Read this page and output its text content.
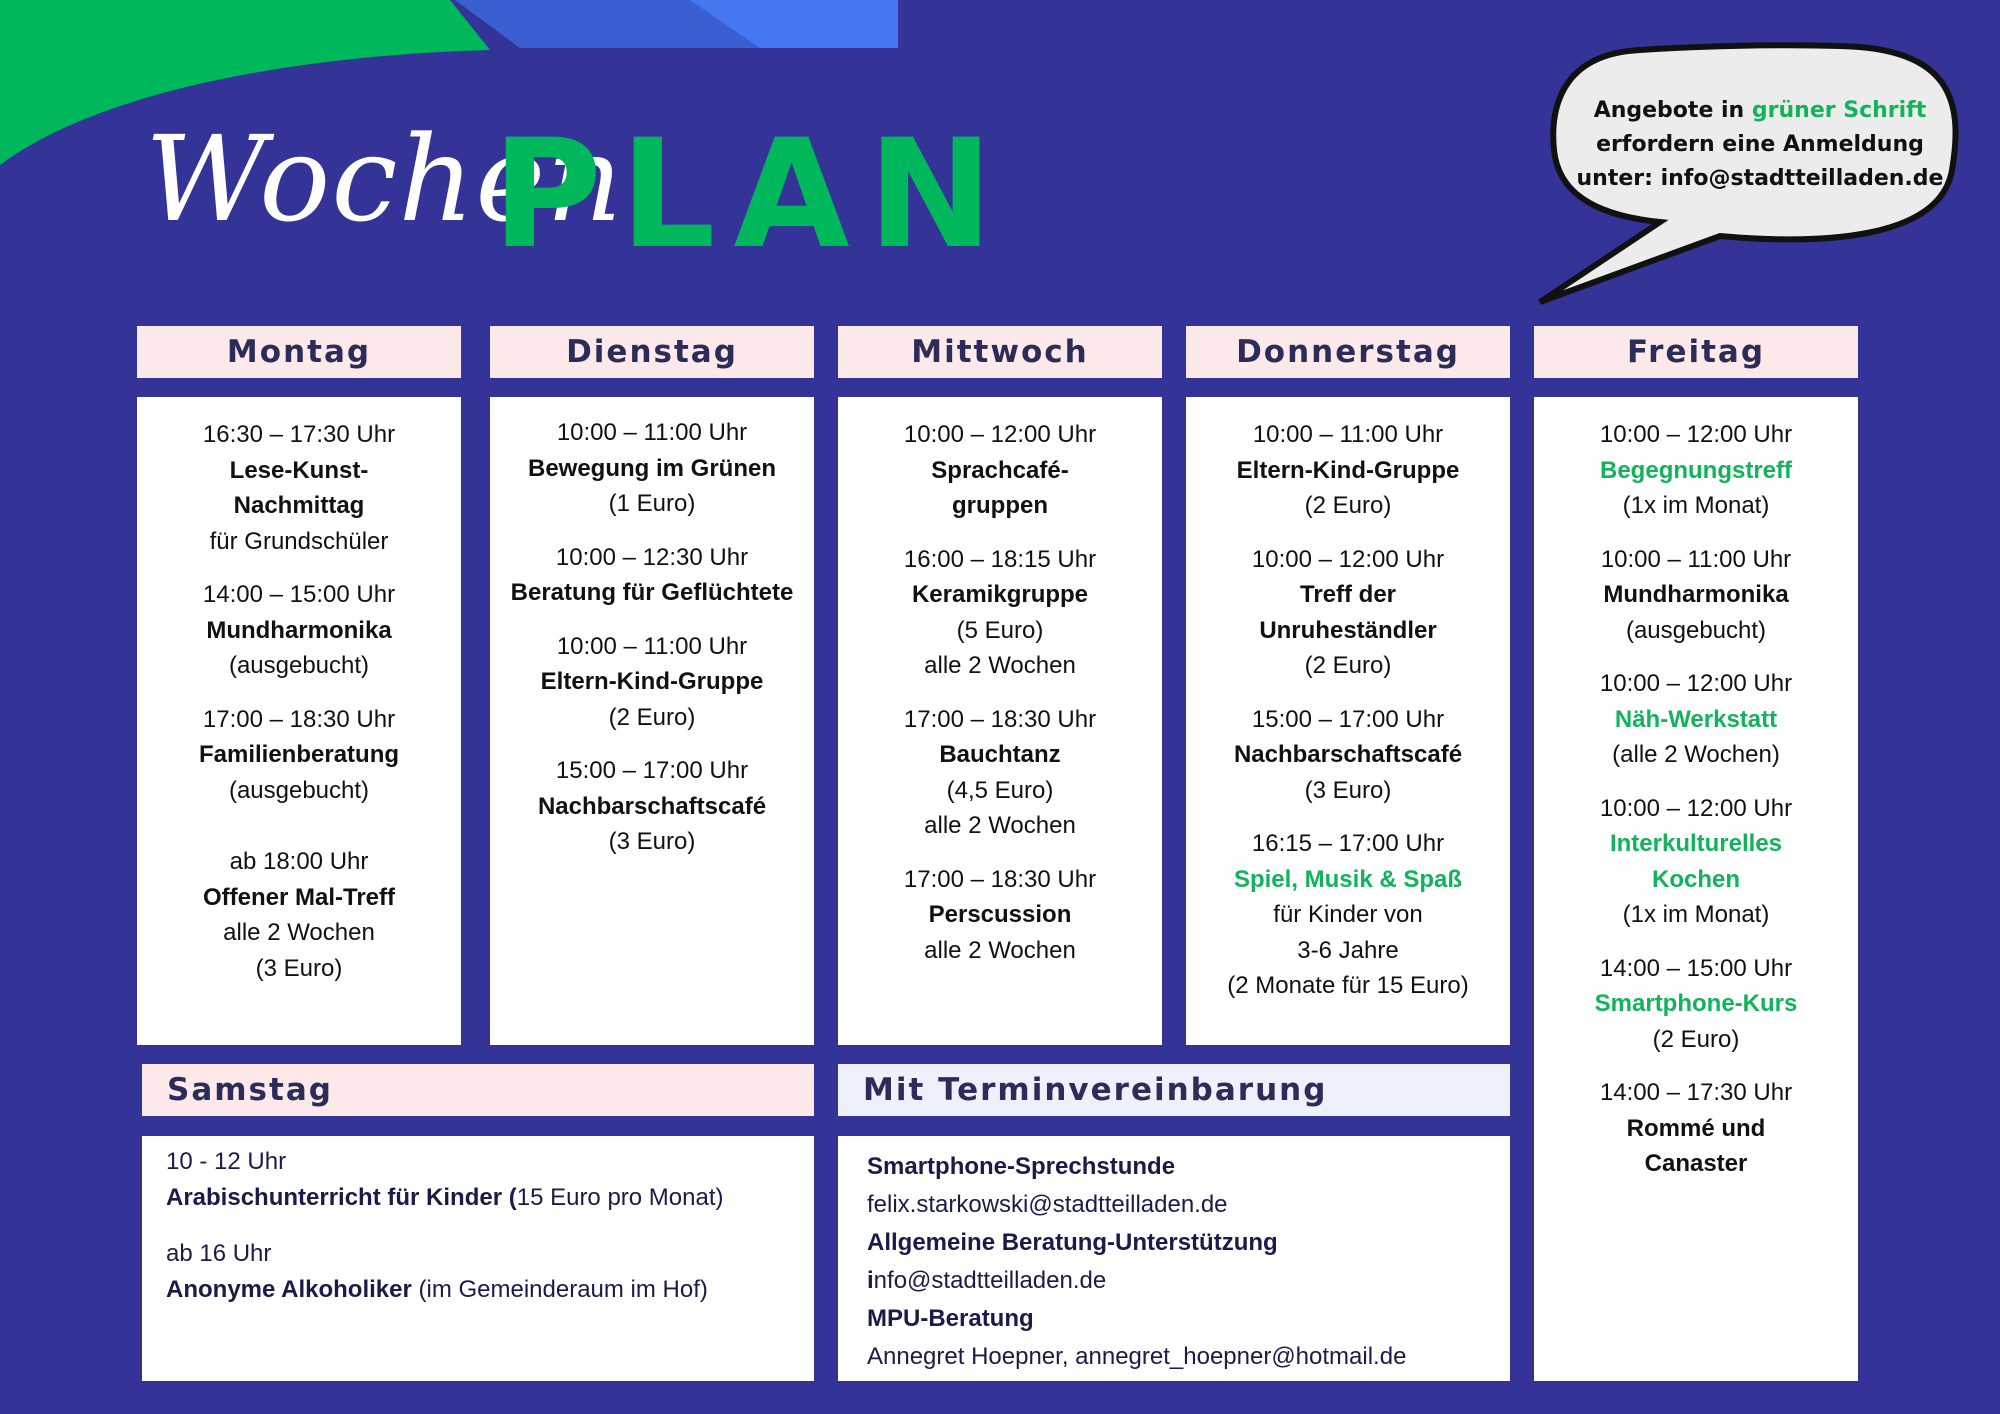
Wochen
PLAN	Angebote in grüner Schrift
erfordern eine Anmeldung
unter: info@stadtteilladen.de
Montag
16:30 – 17:30 Uhr
Lese-Kunst-
Nachmittag
für Grundschüler
14:00 – 15:00 Uhr
Mundharmonika
(ausgebucht)
17:00 – 18:30 Uhr
Familienberatung
(ausgebucht)
ab 18:00 Uhr
Offener Mal-Treff
alle 2 Wochen
(3 Euro)
Dienstag
10:00 – 11:00 Uhr
Bewegung im Grünen
(1 Euro)
10:00 – 12:30 Uhr
Beratung für Geflüchtete
10:00 – 11:00 Uhr
Eltern-Kind-Gruppe
(2 Euro)
15:00 – 17:00 Uhr
Nachbarschaftscafé
(3 Euro)
Mittwoch
10:00 – 12:00 Uhr
Sprachcafé-
gruppen
16:00 – 18:15 Uhr
Keramikgruppe
(5 Euro)
alle 2 Wochen
17:00 – 18:30 Uhr
Bauchtanz
(4,5 Euro)
alle 2 Wochen
17:00 – 18:30 Uhr
Perscussion
alle 2 Wochen
Donnerstag
10:00 – 11:00 Uhr
Eltern-Kind-Gruppe
(2 Euro)
10:00 – 12:00 Uhr
Treff der
Unruheständler
(2 Euro)
15:00 – 17:00 Uhr
Nachbarschaftscafé
(3 Euro)
16:15 – 17:00 Uhr
Spiel, Musik & Spaß
für Kinder von
3-6 Jahre
(2 Monate für 15 Euro)
Freitag
10:00 – 12:00 Uhr
Begegnungstreff
(1x im Monat)
10:00 – 11:00 Uhr
Mundharmonika
(ausgebucht)
10:00 – 12:00 Uhr
Näh-Werkstatt
(alle 2 Wochen)
10:00 – 12:00 Uhr
Interkulturelles
Kochen
(1x im Monat)
14:00 – 15:00 Uhr
Smartphone-Kurs
(2 Euro)
14:00 – 17:30 Uhr
Rommé und
Canaster
Samstag
10 - 12 Uhr
Arabischunterricht für Kinder (15 Euro pro Monat)
ab 16 Uhr
Anonyme Alkoholiker (im Gemeinderaum im Hof)
Mit Terminvereinbarung
Smartphone-Sprechstunde
felix.starkowski@stadtteilladen.de
Allgemeine Beratung-Unterstützung
info@stadtteilladen.de
MPU-Beratung
Annegret Hoepner, annegret_hoepner@hotmail.de
